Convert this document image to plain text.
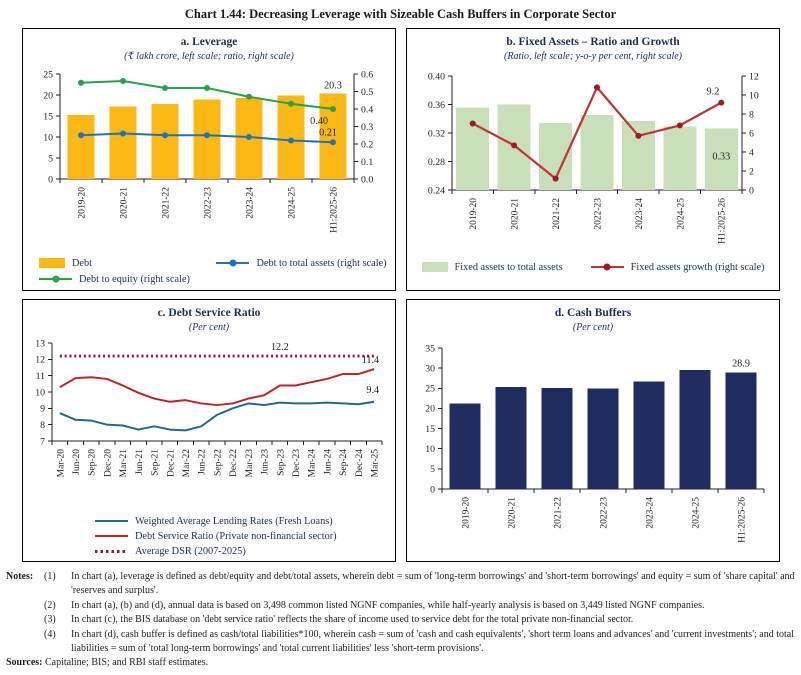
Chart 1.44: Decreasing Leverage with Sizeable Cash Buffers in Corporate Sector
a. Leverage
(₹ lakh crore, left scale; ratio, right scale)
0
5
10
15
20
25
0.0
0.1
0.2
0.3
0.4
0.5
0.6
2019-20	2020-21	2021-22	2022-23	2023-24	2024-25	H1:2025-26
20.3
0.40
0.21
Debt	Debt to total assets (right scale)
Debt to equity (right scale)
b. Fixed Assets – Ratio and Growth
(Ratio, left scale; y-o-y per cent, right scale)
0.24
0.28
0.32
0.36
0.40
0
2
4
6
8
10
12
2019-20	2020-21	2021-22	2022-23	2023-24	2024-25	H1:2025-26
9.2
0.33
Fixed assets to total assets	Fixed assets growth (right scale)
c. Debt Service Ratio
(Per cent)
7
8
9
10
11
12
13
Mar-20 Jun-20 Sep-20 Dec-20 Mar-21 Jun-21 Sep-21 Dec-21 Mar-22 Jun-22 Sep-22 Dec-22 Mar-23 Jun-23 Sep-23 Dec-23 Mar-24 Jun-24 Sep-24 Dec-24 Mar-25
12.2
11.4
9.4
Weighted Average Lending Rates (Fresh Loans)
Debt Service Ratio (Private non-financial sector)
Average DSR (2007-2025)
d. Cash Buffers
(Per cent)
0
5
10
15
20
25
30
35
2019-20	2020-21	2021-22	2022-23	2023-24	2024-25	H1:2025-26
28.9
Notes:	(1)	In chart (a), leverage is defined as debt/equity and debt/total assets, wherein debt = sum of 'long-term borrowings' and 'short-term borrowings' and equity = sum of 'share capital' and 'reserves and surplus'.
(2)	In chart (a), (b) and (d), annual data is based on 3,498 common listed NGNF companies, while half-yearly analysis is based on 3,449 listed NGNF companies.
(3)	In chart (c), the BIS database on 'debt service ratio' reflects the share of income used to service debt for the total private non-financial sector.
(4)	In chart (d), cash buffer is defined as cash/total liabilities*100, wherein cash = sum of 'cash and cash equivalents', 'short term loans and advances' and 'current investments'; and total liabilities = sum of 'total long-term borrowings' and 'total current liabilities' less 'short-term provisions'.
Sources: Capitaline; BIS; and RBI staff estimates.
